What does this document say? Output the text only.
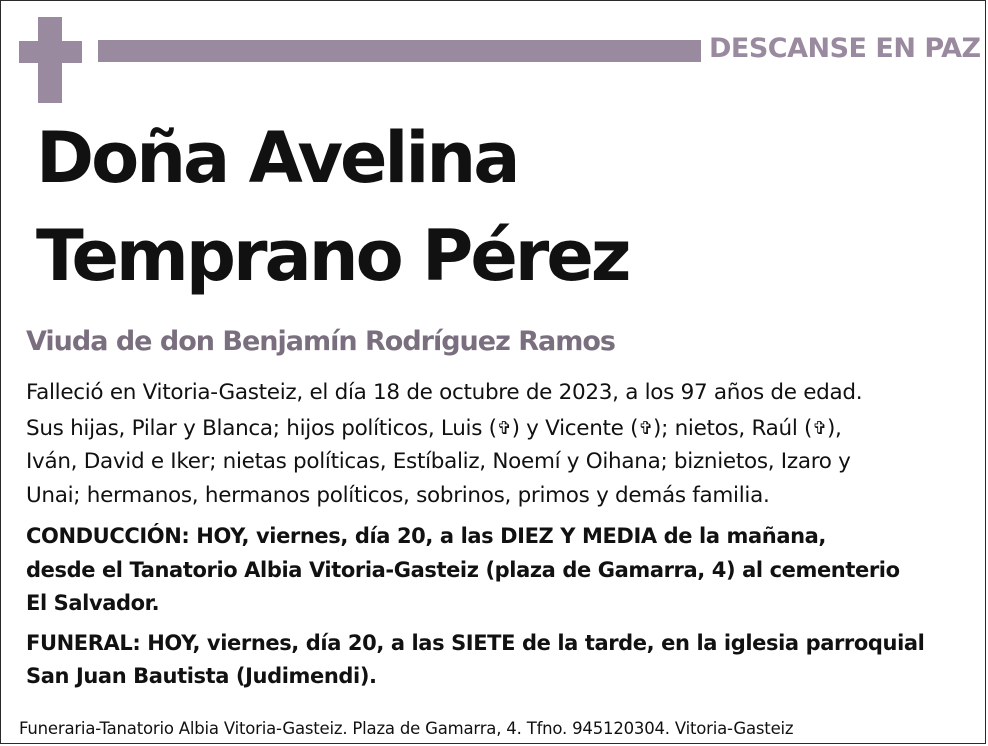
DESCANSE EN PAZ
Doña Avelina
Temprano Pérez
Viuda de don Benjamín Rodríguez Ramos

Falleció en Vitoria-Gasteiz, el día 18 de octubre de 2023, a los 97 años de edad.

Sus hijas, Pilar y Blanca; hijos políticos, Luis (✞) y Vicente (✞); nietos, Raúl (✞),
Iván, David e Iker; nietas políticas, Estíbaliz, Noemí y Oihana; biznietos, Izaro y
Unai; hermanos, hermanos políticos, sobrinos, primos y demás familia.

CONDUCCIÓN: HOY, viernes, día 20, a las DIEZ Y MEDIA de la mañana,
desde el Tanatorio Albia Vitoria-Gasteiz (plaza de Gamarra, 4) al cementerio
El Salvador.

FUNERAL: HOY, viernes, día 20, a las SIETE de la tarde, en la iglesia parroquial
San Juan Bautista (Judimendi).

Funeraria-Tanatorio Albia Vitoria-Gasteiz. Plaza de Gamarra, 4. Tfno. 945120304. Vitoria-Gasteiz
